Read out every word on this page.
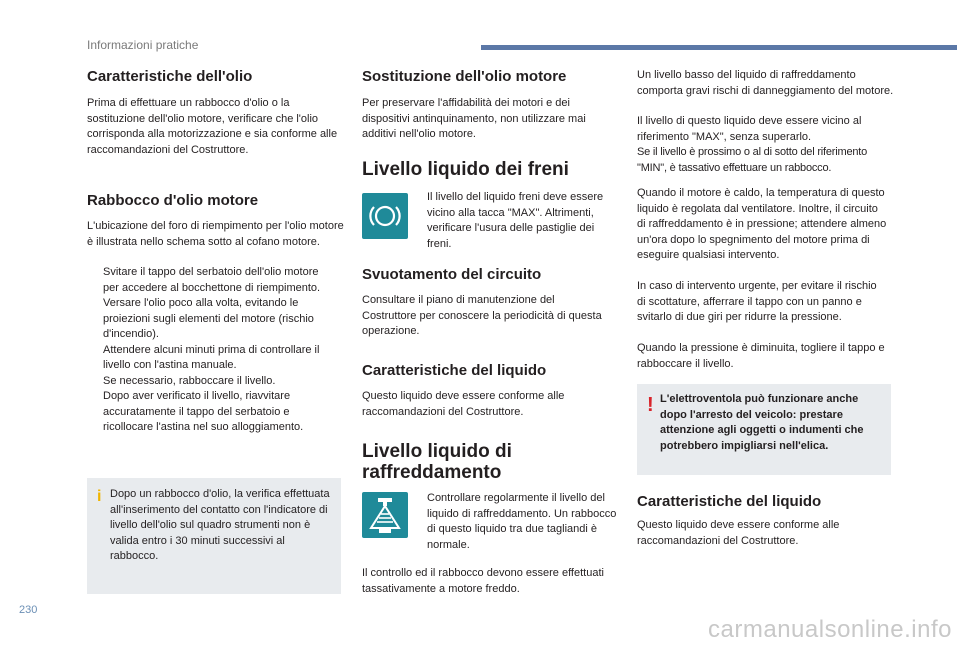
Informazioni pratiche
Caratteristiche dell'olio

Prima di effettuare un rabbocco d'olio o la sostituzione dell'olio motore, verificare che l'olio corrisponda alla motorizzazione e sia conforme alle raccomandazioni del Costruttore.

Rabbocco d'olio motore

L'ubicazione del foro di riempimento per l'olio motore è illustrata nello schema sotto al cofano motore.

Svitare il tappo del serbatoio dell'olio motore per accedere al bocchettone di riempimento.
Versare l'olio poco alla volta, evitando le proiezioni sugli elementi del motore (rischio d'incendio).
Attendere alcuni minuti prima di controllare il livello con l'astina manuale.
Se necessario, rabboccare il livello.
Dopo aver verificato il livello, riavvitare accuratamente il tappo del serbatoio e ricollocare l'astina nel suo alloggiamento.
i Dopo un rabbocco d'olio, la verifica effettuata all'inserimento del contatto con l'indicatore di livello dell'olio sul quadro strumenti non è valida entro i 30 minuti successivi al rabbocco.

Sostituzione dell'olio motore

Per preservare l'affidabilità dei motori e dei dispositivi antinquinamento, non utilizzare mai additivi nell'olio motore.

Livello liquido dei freni

Il livello del liquido freni deve essere vicino alla tacca "MAX". Altrimenti, verificare l'usura delle pastiglie dei freni.

Svuotamento del circuito

Consultare il piano di manutenzione del Costruttore per conoscere la periodicità di questa operazione.

Caratteristiche del liquido

Questo liquido deve essere conforme alle raccomandazioni del Costruttore.

Livello liquido di
raffreddamento

Controllare regolarmente il livello del liquido di raffreddamento. Un rabbocco di questo liquido tra due tagliandi è normale.

Il controllo ed il rabbocco devono essere effettuati tassativamente a motore freddo.

Un livello basso del liquido di raffreddamento comporta gravi rischi di danneggiamento del motore.

Il livello di questo liquido deve essere vicino al riferimento "MAX", senza superarlo.

Se il livello è prossimo o al di sotto del riferimento "MIN", è tassativo effettuare un rabbocco.

Quando il motore è caldo, la temperatura di questo liquido è regolata dal ventilatore. Inoltre, il circuito di raffreddamento è in pressione; attendere almeno un'ora dopo lo spegnimento del motore prima di eseguire qualsiasi intervento.

In caso di intervento urgente, per evitare il rischio di scottature, afferrare il tappo con un panno e svitarlo di due giri per ridurre la pressione.

Quando la pressione è diminuita, togliere il tappo e rabboccare il livello.

! L'elettroventola può funzionare anche dopo l'arresto del veicolo: prestare attenzione agli oggetti o indumenti che potrebbero impigliarsi nell'elica.

Caratteristiche del liquido

Questo liquido deve essere conforme alle raccomandazioni del Costruttore.

230
carmanualsonline.info
